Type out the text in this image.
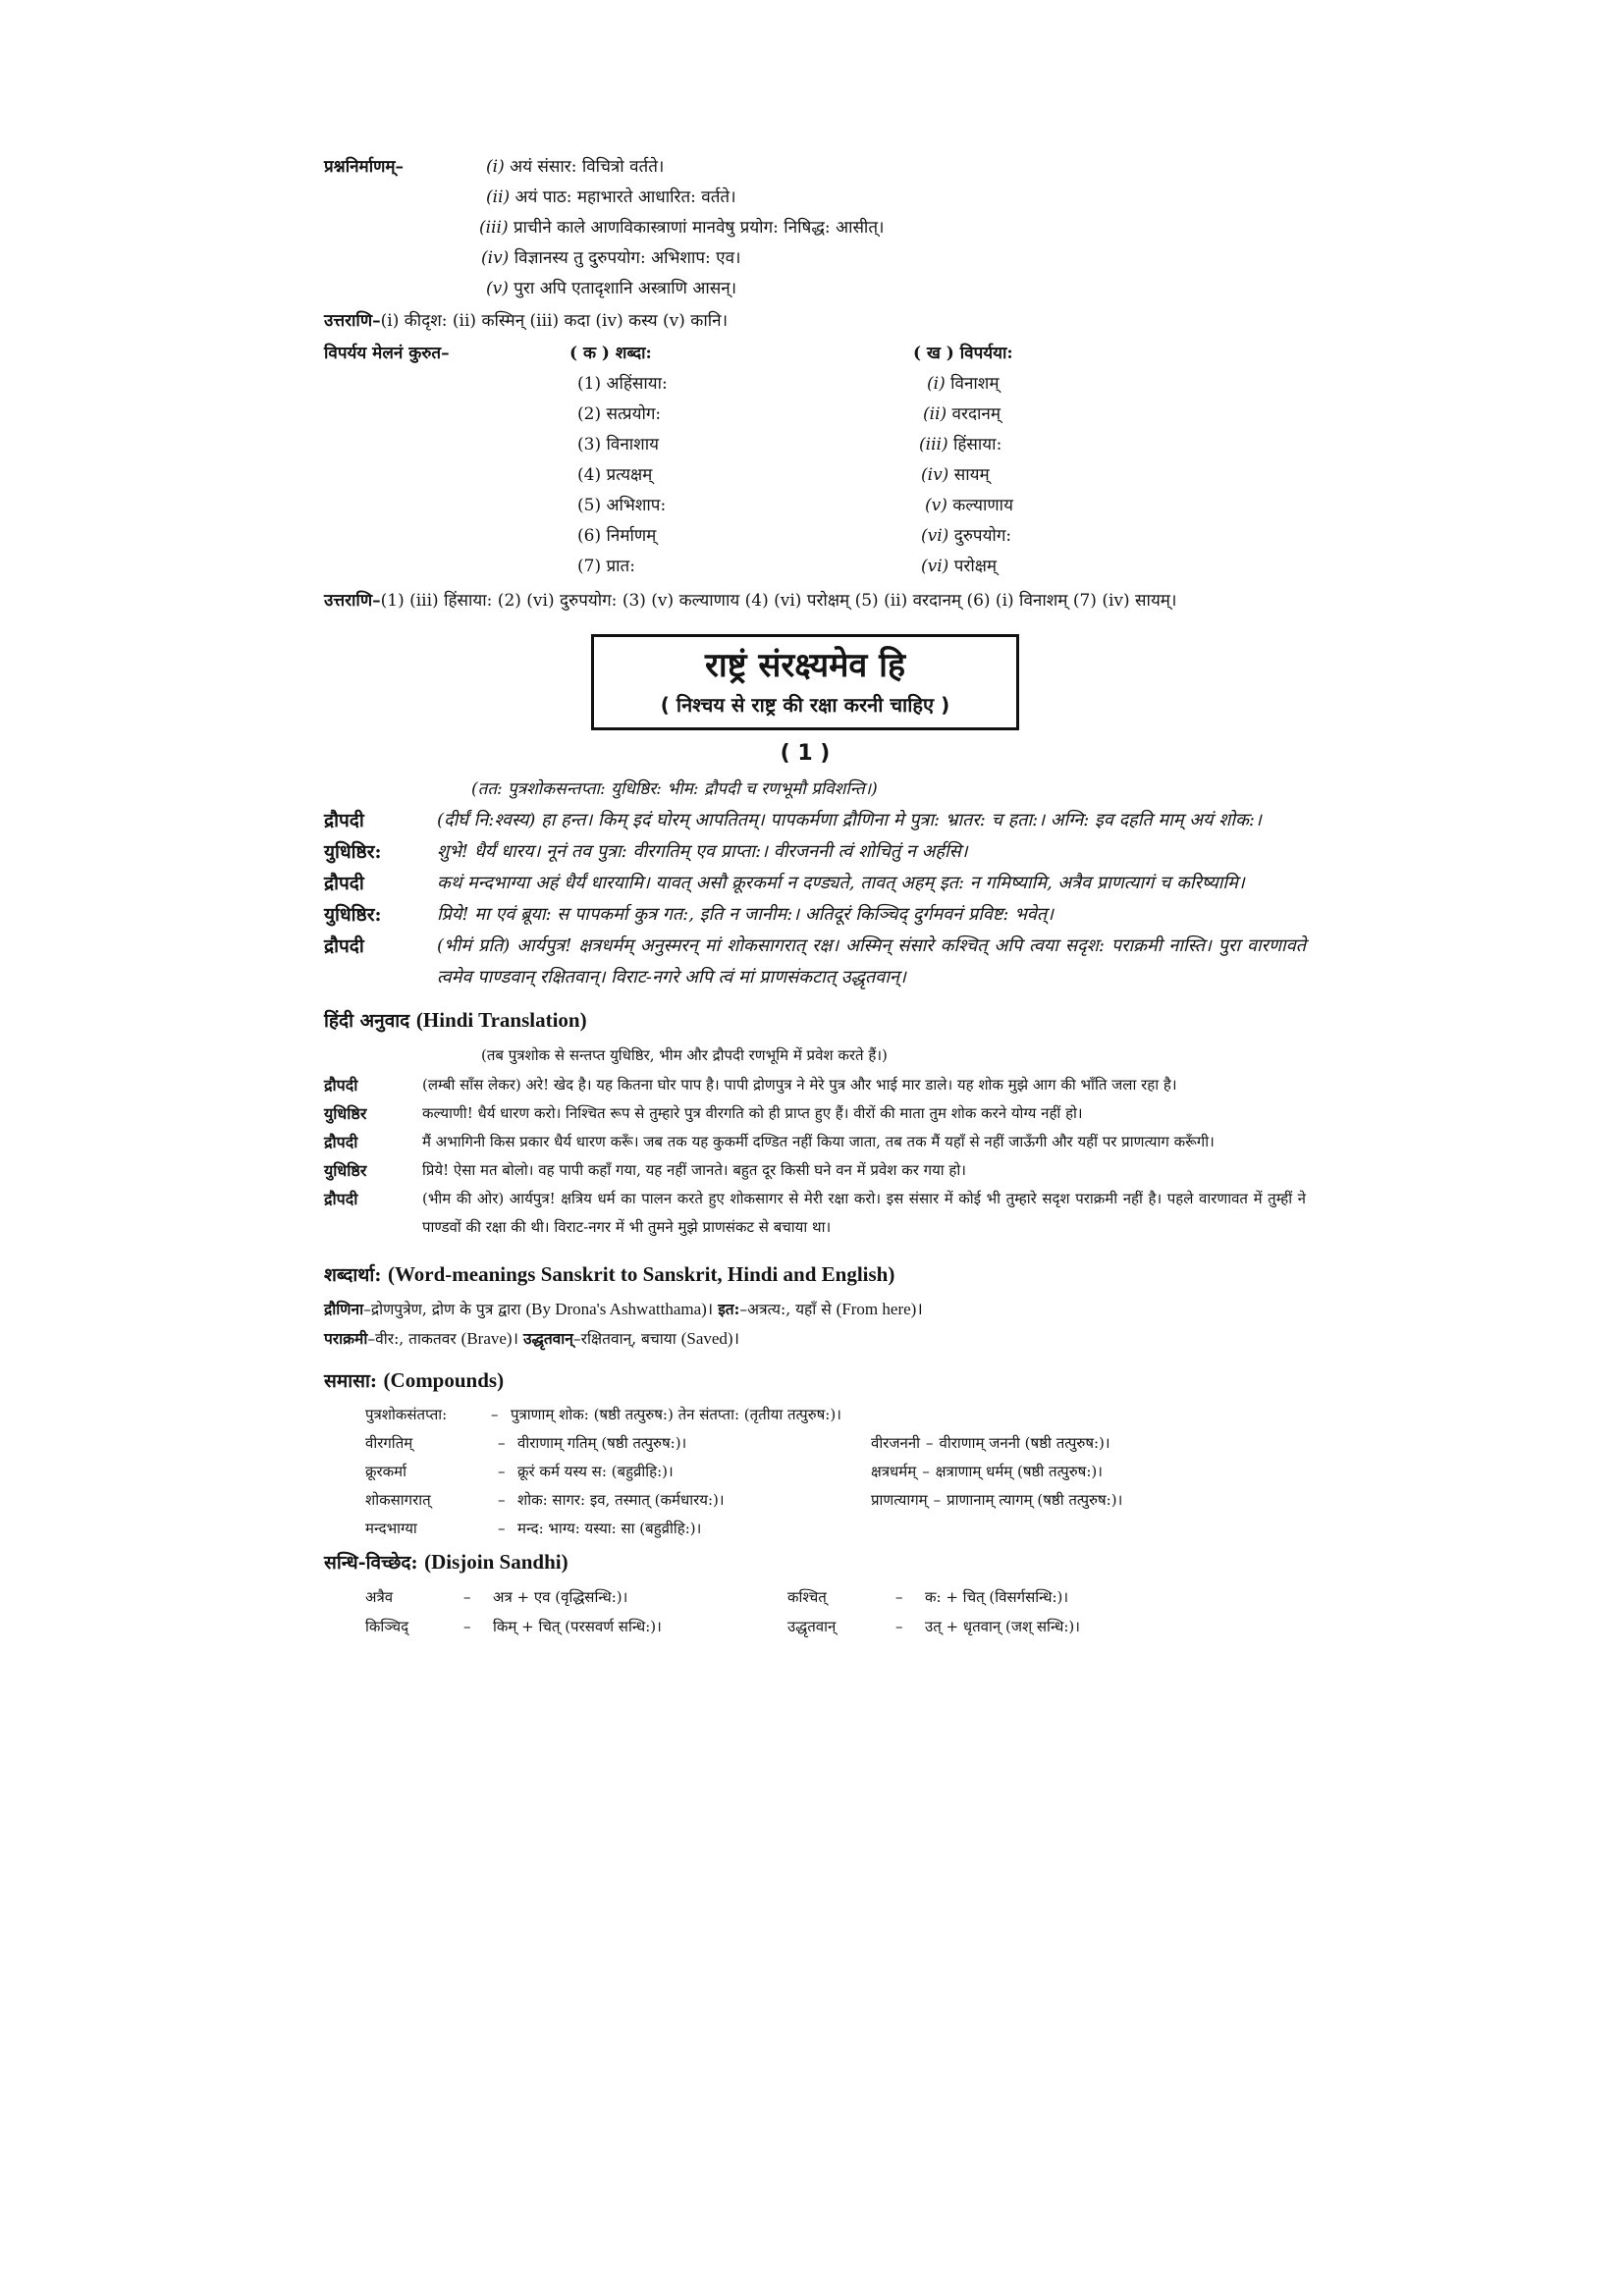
प्रश्ननिर्माणम्–	(i) अयं संसार: विचित्रो वर्तते।
(ii) अयं पाठ: महाभारते आधारित: वर्तते।
(iii) प्राचीने काले आणविकास्त्राणां मानवेषु प्रयोग: निषिद्ध: आसीत्।
(iv) विज्ञानस्य तु दुरुपयोग: अभिशाप: एव।
(v) पुरा अपि एतादृशानि अस्त्राणि आसन्।
उत्तराणि–(i) कीदृश: (ii) कस्मिन् (iii) कदा (iv) कस्य (v) कानि।
विपर्यय मेलनं कुरुत–	( क ) शब्दा:	( ख ) विपर्यया:
(1) अहिंसाया:	(i) विनाशम्
(2) सत्प्रयोग:	(ii) वरदानम्
(3) विनाशाय	(iii) हिंसाया:
(4) प्रत्यक्षम्	(iv) सायम्
(5) अभिशाप:	(v) कल्याणाय
(6) निर्माणम्	(vi) दुरुपयोग:
(7) प्रात:	(vi) परोक्षम्
उत्तराणि–(1) (iii) हिंसाया: (2) (vi) दुरुपयोग: (3) (v) कल्याणाय (4) (vi) परोक्षम् (5) (ii) वरदानम् (6) (i) विनाशम् (7) (iv) सायम्।
राष्ट्रं संरक्ष्यमेव हि
( निश्चय से राष्ट्र की रक्षा करनी चाहिए )
( 1 )
(तत: पुत्रशोकसन्तप्ता: युधिष्ठिर: भीम: द्रौपदी च रणभूमौ प्रविशन्ति।)
द्रौपदी	(दीर्घं नि:श्वस्य) हा हन्त। किम् इदं घोरम् आपतितम्। पापकर्मणा द्रौणिना मे पुत्रा: भ्रातर: च हता:। अग्नि: इव दहति माम् अयं शोक:।
युधिष्ठिर:	शुभे! धैर्यं धारय। नूनं तव पुत्रा: वीरगतिम् एव प्राप्ता:। वीरजननी त्वं शोचितुं न अर्हसि।
द्रौपदी	कथं मन्दभाग्या अहं धैर्यं धारयामि। यावत् असौ क्रूरकर्मा न दण्ड्यते, तावत् अहम् इत: न गमिष्यामि, अत्रैव प्राणत्यागं च करिष्यामि।
युधिष्ठिर:	प्रिये! मा एवं ब्रूया: स पापकर्मा कुत्र गत:, इति न जानीम:। अतिदूरं किञ्चिद् दुर्गमवनं प्रविष्ट: भवेत्।
द्रौपदी	(भीमं प्रति) आर्यपुत्र! क्षत्रधर्मम् अनुस्मरन् मां शोकसागरात् रक्ष। अस्मिन् संसारे कश्चित् अपि त्वया सदृश: पराक्रमी नास्ति। पुरा वारणावते त्वमेव पाण्डवान् रक्षितवान्। विराट-नगरे अपि त्वं मां प्राणसंकटात् उद्धृतवान्।
हिंदी अनुवाद (Hindi Translation)
(तब पुत्रशोक से सन्तप्त युधिष्ठिर, भीम और द्रौपदी रणभूमि में प्रवेश करते हैं।)
द्रौपदी	(लम्बी साँस लेकर) अरे! खेद है। यह कितना घोर पाप है। पापी द्रोणपुत्र ने मेरे पुत्र और भाई मार डाले। यह शोक मुझे आग की भाँति जला रहा है।
युधिष्ठिर	कल्याणी! धैर्य धारण करो। निश्चित रूप से तुम्हारे पुत्र वीरगति को ही प्राप्त हुए हैं। वीरों की माता तुम शोक करने योग्य नहीं हो।
द्रौपदी	मैं अभागिनी किस प्रकार धैर्य धारण करूँ। जब तक यह कुकर्मी दण्डित नहीं किया जाता, तब तक मैं यहाँ से नहीं जाऊँगी और यहीं पर प्राणत्याग करूँगी।
युधिष्ठिर	प्रिये! ऐसा मत बोलो। वह पापी कहाँ गया, यह नहीं जानते। बहुत दूर किसी घने वन में प्रवेश कर गया हो।
द्रौपदी	(भीम की ओर) आर्यपुत्र! क्षत्रिय धर्म का पालन करते हुए शोकसागर से मेरी रक्षा करो। इस संसार में कोई भी तुम्हारे सदृश पराक्रमी नहीं है। पहले वारणावत में तुम्हीं ने पाण्डवों की रक्षा की थी। विराट-नगर में भी तुमने मुझे प्राणसंकट से बचाया था।
शब्दार्था: (Word-meanings Sanskrit to Sanskrit, Hindi and English)
द्रौणिना–द्रोणपुत्रेण, द्रोण के पुत्र द्वारा (By Drona's Ashwatthama)। इत:–अत्रत्य:, यहाँ से (From here)।
पराक्रमी–वीर:, ताकतवर (Brave)। उद्धृतवान्–रक्षितवान्, बचाया (Saved)।
समासा: (Compounds)
पुत्रशोकसंतप्ता:	– पुत्राणाम् शोक: (षष्ठी तत्पुरुष:) तेन संतप्ता: (तृतीया तत्पुरुष:)।
वीरगतिम्	– वीराणाम् गतिम् (षष्ठी तत्पुरुष:)।	वीरजननी – वीराणाम् जननी (षष्ठी तत्पुरुष:)।
क्रूरकर्मा	– क्रूरं कर्म यस्य स: (बहुव्रीहि:)।	क्षत्रधर्मम् – क्षत्राणाम् धर्मम् (षष्ठी तत्पुरुष:)।
शोकसागरात्	– शोक: सागर: इव, तस्मात् (कर्मधारय:)।	प्राणत्यागम् – प्राणानाम् त्यागम् (षष्ठी तत्पुरुष:)।
मन्दभाग्या	– मन्द: भाग्य: यस्या: सा (बहुव्रीहि:)।
सन्धि-विच्छेद: (Disjoin Sandhi)
अत्रैव	–	अत्र + एव (वृद्धिसन्धि:)।	कश्चित्	–	क: + चित् (विसर्गसन्धि:)।
किञ्चिद्	–	किम् + चित् (परसवर्ण सन्धि:)।	उद्धृतवान्	–	उत् + धृतवान् (जश् सन्धि:)।
